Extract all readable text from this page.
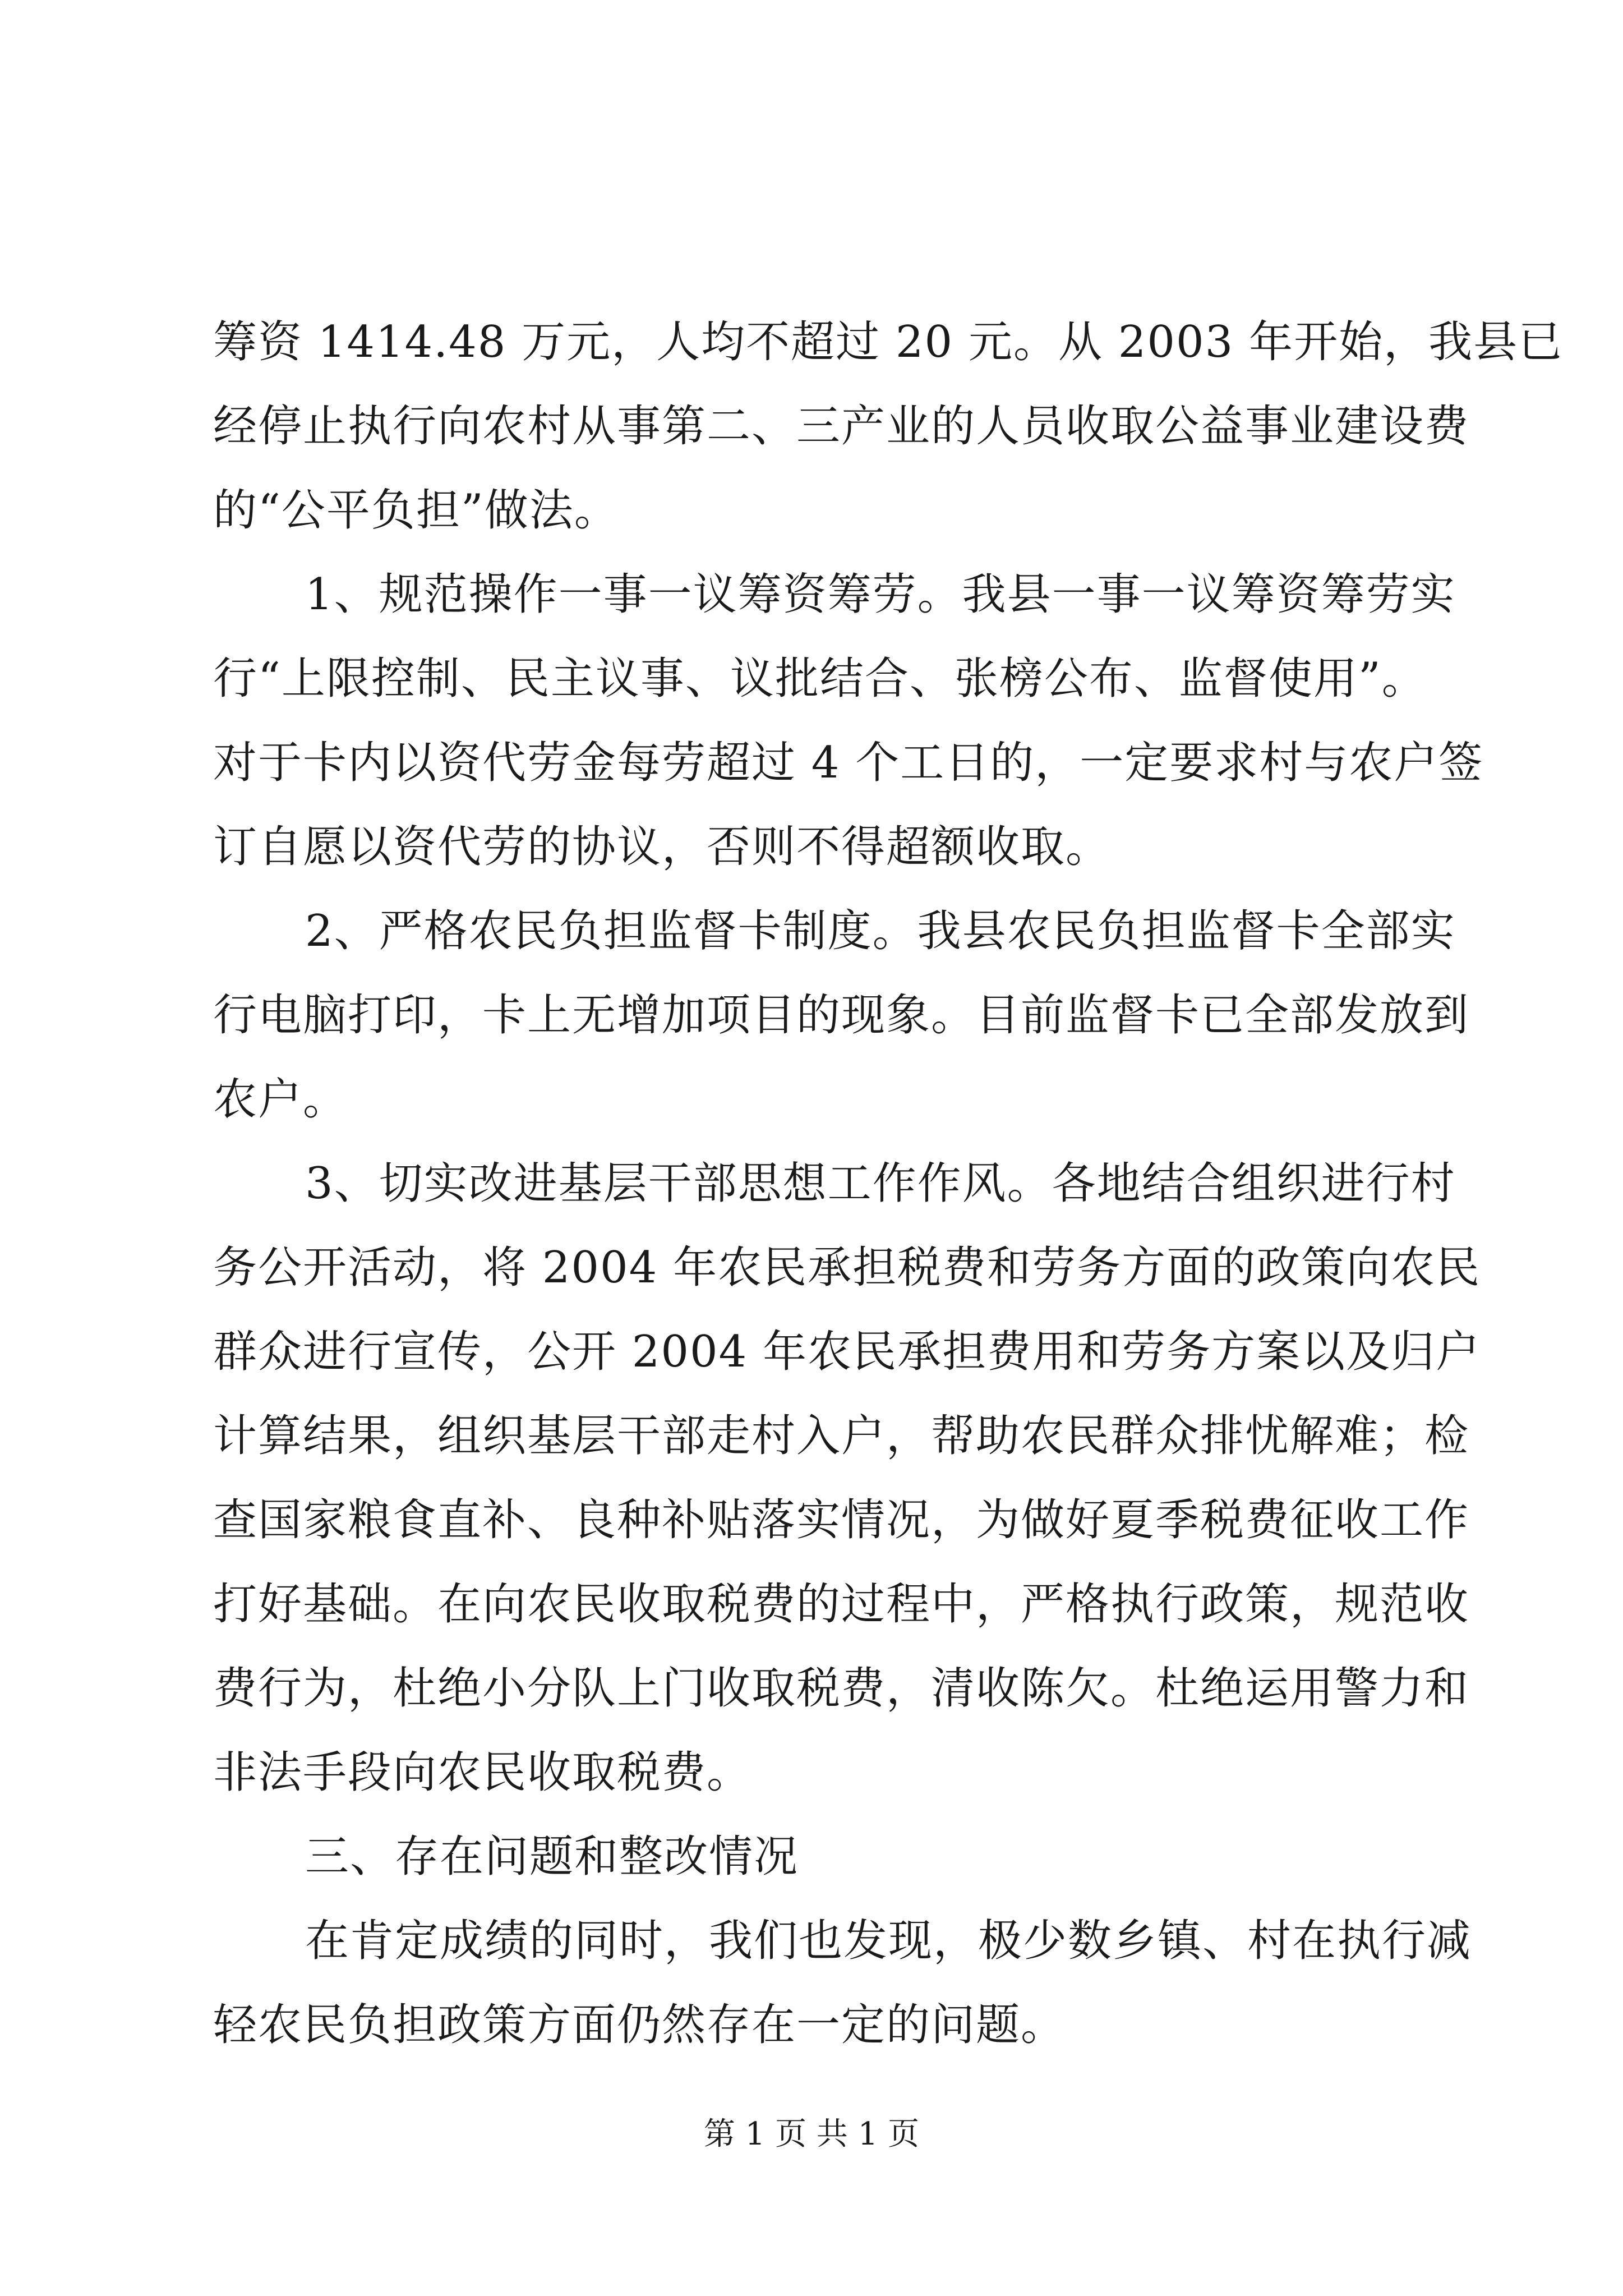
筹资 1414.48 万元，人均不超过 20 元。从 2003 年开始，我县已
经停止执行向农村从事第二、三产业的人员收取公益事业建设费
的“公平负担”做法。
1、规范操作一事一议筹资筹劳。我县一事一议筹资筹劳实
行“上限控制、民主议事、议批结合、张榜公布、监督使用”。
对于卡内以资代劳金每劳超过 4 个工日的，一定要求村与农户签
订自愿以资代劳的协议，否则不得超额收取。
2、严格农民负担监督卡制度。我县农民负担监督卡全部实
行电脑打印，卡上无增加项目的现象。目前监督卡已全部发放到
农户。
3、切实改进基层干部思想工作作风。各地结合组织进行村
务公开活动，将 2004 年农民承担税费和劳务方面的政策向农民
群众进行宣传，公开 2004 年农民承担费用和劳务方案以及归户
计算结果，组织基层干部走村入户，帮助农民群众排忧解难；检
查国家粮食直补、良种补贴落实情况，为做好夏季税费征收工作
打好基础。在向农民收取税费的过程中，严格执行政策，规范收
费行为，杜绝小分队上门收取税费，清收陈欠。杜绝运用警力和
非法手段向农民收取税费。
三、存在问题和整改情况
在肯定成绩的同时，我们也发现，极少数乡镇、村在执行减
轻农民负担政策方面仍然存在一定的问题。
第 1 页 共 1 页
